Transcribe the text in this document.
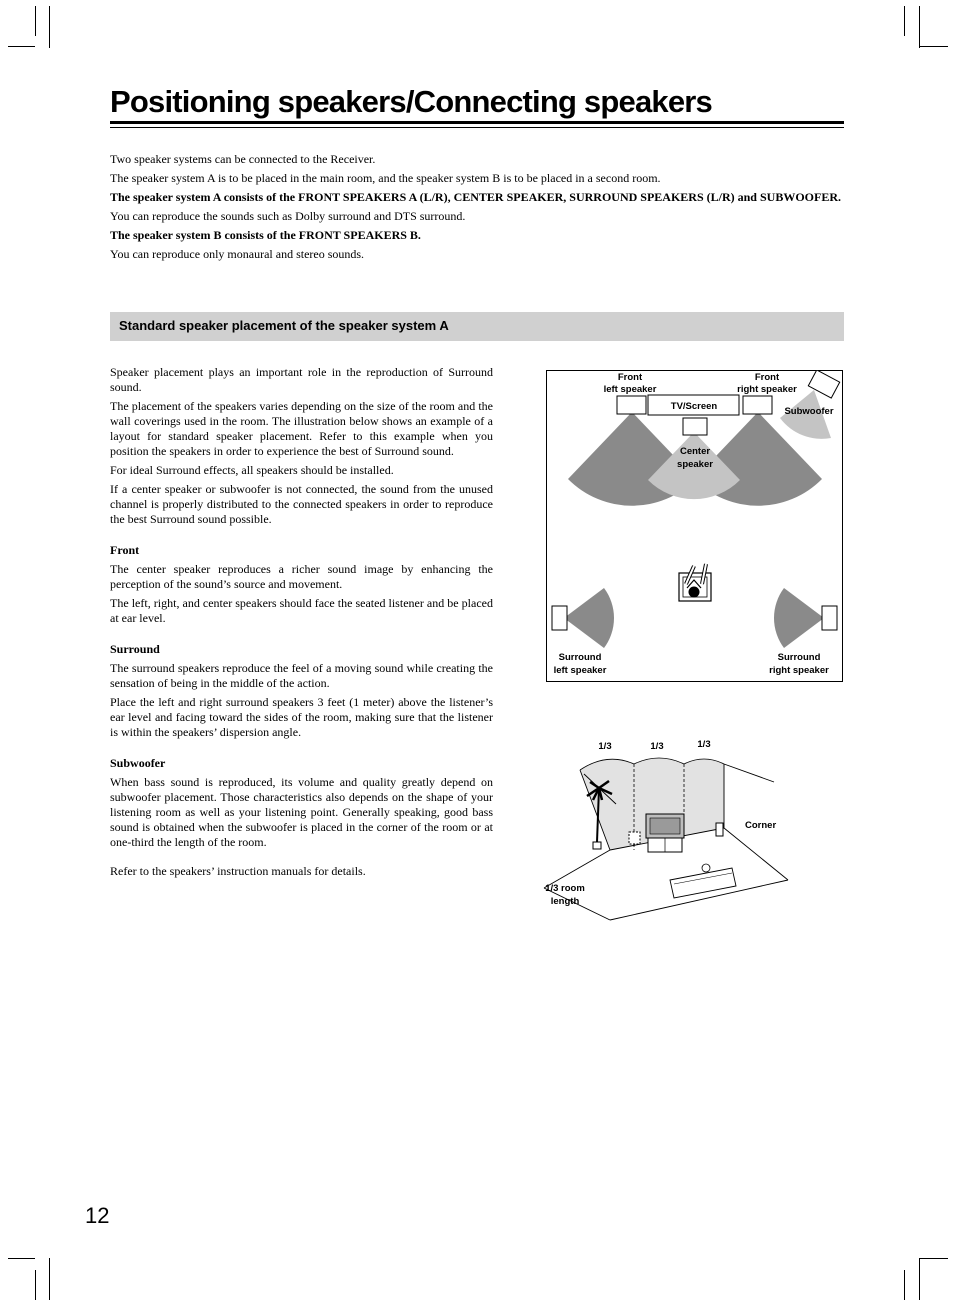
Positioning speakers/Connecting speakers

Two speaker systems can be connected to the Receiver.

The speaker system A is to be placed in the main room, and the speaker system B is to be placed in a second room.

The speaker system A consists of the FRONT SPEAKERS A (L/R), CENTER SPEAKER, SURROUND SPEAKERS (L/R) and SUBWOOFER.

You can reproduce the sounds such as Dolby surround and DTS surround.

The speaker system B consists of the FRONT SPEAKERS B.

You can reproduce only monaural and stereo sounds.

Standard speaker placement of the speaker system A

Speaker placement plays an important role in the reproduction of Surround sound.

The placement of the speakers varies depending on the size of the room and the wall coverings used in the room. The illustration below shows an example of a layout for standard speaker placement. Refer to this example when you position the speakers in order to experience the best of Surround sound.

For ideal Surround effects, all speakers should be installed.

If a center speaker or subwoofer is not connected, the sound from the unused channel is properly distributed to the connected speakers in order to reproduce the best Surround sound possible.

Front

The center speaker reproduces a richer sound image by enhancing the perception of the sound’s source and movement.

The left, right, and center speakers should face the seated listener and be placed at ear level.

Surround

The surround speakers reproduce the feel of a moving sound while creating the sensation of being in the middle of the action.

Place the left and right surround speakers 3 feet (1 meter) above the listener’s ear level and facing toward the sides of the room, making sure that the listener is within the speakers’ dispersion angle.

Subwoofer

When bass sound is reproduced, its volume and quality greatly depend on subwoofer placement. Those characteristics also depends on the shape of your listening room as well as your listening point. Generally speaking, good bass sound is obtained when the subwoofer is placed in the corner of the room or at one-third the length of the room.

Refer to the speakers’ instruction manuals for details.

Front
left speaker
Front
right speaker
TV/Screen	Subwoofer
Center
speaker
Surround
left speaker
Surround
right speaker
1/3	1/3	1/3
Corner
1/3 room
length
12
